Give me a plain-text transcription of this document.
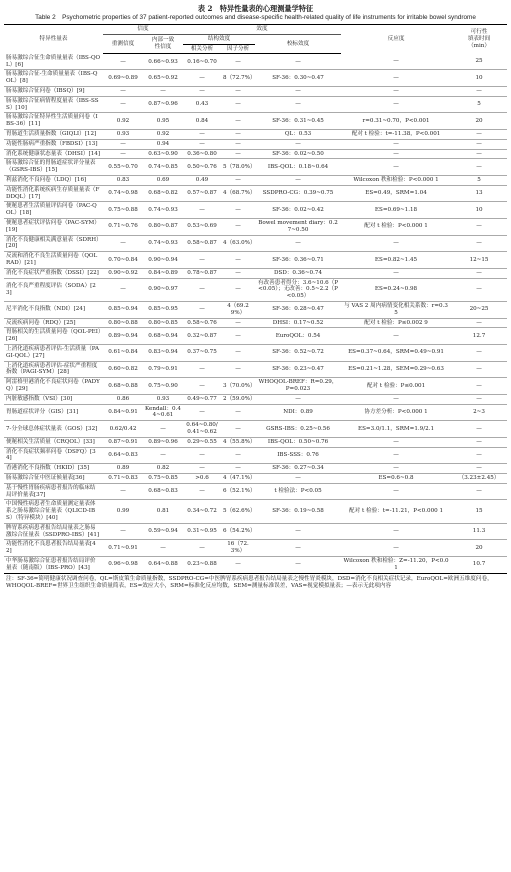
表 2　特异性量表的心理测量学特征
Table 2　Psychometric properties of 37 patient-reported outcomes and disease-specific health-related quality of life instruments for irritable bowel syndrome
特异性量表	信度		效度			反应度	可行性
填表时间
（min）
	重测信度	内部一致
性信度	结构效度		校标效度		
			相关分析	因子分析			
肠易激综合征生命质量量表（IBS-QOL）[6]	—	0.66~0.93	0.16~0.70	—	—	—	25
肠易激综合征-生命质量量表（IBS-QOL）[8]	0.69~0.89	0.65~0.92	—	8（72.7%）	SF-36：0.30~0.47	—	10
肠易激综合征问卷（IBSQ）[9]	—	—	—	—	—	—	—
肠易激综合征病情程度量表（IBS-SSS）[10]	—	0.87~0.96	0.43	—	—	—	5
肠易激综合征特异性生活质量问卷（IBS-36）[11]	0.92	0.95	0.84	—	SF-36：0.31~0.45	r=0.31~0.70，P<0.001	20
胃肠道生活质量指数（GIQLI）[12]	0.93	0.92	—	—	QL：0.53	配对 t 检验：t=-11.38，P<0.001	—
功能性肠病严重指数（FBDSI）[13]	—	0.94	—	—	—	—	—
消化系统健康状态量表（DHSI）[14]	—	0.63~0.90	0.36~0.80	—	SF-36：0.02~0.50	—	—
肠易激综合征的胃肠道症状评分量表（GSRS-IBS）[15]	0.55~0.70	0.74~0.85	0.50~0.76	5（78.0%）	IBS-QOL：0.18~0.64	—	—
利兹消化不良问卷（LDQ）[16]	0.83	0.69	0.49	—	—	Wilcoxon 秩和检验：P<0.000 1	5
功能性消化系统疾病生存质量量表（FDDQL）[17]	0.74~0.98	0.68~0.82	0.57~0.87	4（68.7%）	SSDPRO-CG：0.39~0.75	ES=0.49，SRM=1.04	13
便秘患者生活质量评估问卷（PAC-QOL）[18]	0.75~0.88	0.74~0.93	—	—	SF-36：0.02~0.42	ES=0.69~1.18	10
便秘患者症状评估问卷（PAC-SYM）[19]	0.71~0.76	0.80~0.87	0.53~0.69	—	Bowel movement diary：0.27~0.50	配对 t 检验：P<0.000 1	—
消化不良健康相关满意量表（SDRH）[20]	—	0.74~0.93	0.58~0.87	4（63.0%）	—	—	—
反流和消化不良生活质量问卷（QOLRAD）[21]	0.70~0.84	0.90~0.94	—	—	SF-36：0.36~0.71	ES=0.82~1.45	12~15
消化不良症状严重指数（DSSI）[22]	0.90~0.92	0.84~0.89	0.78~0.87	—	DSD：0.36~0.74	—	—
消化不良严重程度评估（SODA）[23]	—	0.90~0.97	—	—	有改善患者得分：3.6~10.6（P<0.05）；无改善：0.5~2.2（P<0.05）	ES=0.24~0.98	—
尼平消化不良指数（NDI）[24]	0.85~0.94	0.85~0.95	—	4（69.29%）	SF-36：0.28~0.47	与 VAS 2 周内病情变化相关系数：r=0.35	20~25
反流疾病问卷（RDQ）[25]	0.80~0.88	0.80~0.85	0.58~0.76	—	DHSI：0.17~0.52	配对 t 检验：P≤0.002 9	—
胃肠相关的生活质量问卷（QOL-PEI）[26]	0.89~0.94	0.68~0.94	0.32~0.87	—	EuroQOL：0.54	—	12.7
上消化道疾病患者评估-生活质量（PAGI-QOL）[27]	0.61~0.84	0.83~0.94	0.37~0.75	—	SF-36：0.52~0.72	ES=0.37~0.64，SRM=0.49~0.91	—
上消化道疾病患者评估-症状严重程度指数（PAGI-SYM）[28]	0.60~0.82	0.79~0.91	—	—	SF-36：0.23~0.47	ES=0.21~1.28，SEM=0.29~0.63	—
阿雷格里港消化不良症状问卷（PADYQ）[29]	0.68~0.88	0.75~0.90	—	3（70.0%）	WHOQOL-BREF：R=0.29，P=0.023	配对 t 检验：P≤0.001	—
内脏敏感指数（VSI）[30]	0.86	0.93	0.49~0.77	2（59.0%）	—	—	—
胃肠道症状评分（GIS）[31]	0.84~0.91	Kendall：0.44~0.61	—	—	NDI：0.89	协方差分析：P<0.000 1	2~3
7-分全球总体症状量表（GOS）[32]	0.62/0.42	—	0.64~0.80/0.41~0.62	—	GSRS-IBS：0.25~0.56	ES=3.0/1.1，SRM=1.9/2.1	—
便秘相关生活质量（CRQOL）[33]	0.87~0.91	0.89~0.96	0.29~0.55	4（55.8%）	IBS-QOL：0.50~0.76	—	—
消化不良症状频率问卷（DSFQ）[34]	0.64~0.83	—	—	—	IBS-SSS：0.76	—	—
香港消化不良指数（HKID）[35]	0.89	0.82	—	—	SF-36：0.27~0.34	—	—
肠易激综合征中医证候量表[36]	0.71~0.83	0.75~0.85	>0.6	4（47.1%）	—	ES=0.6~0.8	（3.23±2.45）
基于慢性胃肠疾病患者报告的临床结局评价量表[37]	—	0.68~0.83	—	6（52.1%）	t 检验法：P<0.05	—	—
中国慢性病患者生命质量测定量表体系之肠易激综合征量表（QLICD-IBS）（特异模块）[40]	0.99	0.81	0.34~0.72	5（62.6%）	SF-36：0.19~0.58	配对 t 检验：t=-11.21，P<0.000 1	15
脾胃系疾病患者报告结局量表之肠易激综合征量表（SSDPRO-IBS）[41]	—	0.59~0.94	0.31~0.95	6（54.2%）	—	—	11.3
功能性消化不良患者报告结局量表[42]	0.71~0.91	—	—	16（72.3%）	—	—	20
中华肠易激综合征患者报告结局评价量表（随南版）（IBS-PRO）[43]	0.96~0.98	0.64~0.88	0.23~0.88	—	—	Wilcoxon 秩和检验：Z=-11.20，P<0.01	10.7
注：SF-36=简明健康状况调查问卷，QL=斯皮策生命质量指数，SSDPRO-CG=中医脾胃系疾病患者报告结局量表之慢性胃炎模块，DSD=消化不良相关症状记录，EuroQOL=欧洲五维度问卷，WHOQOL-BREF=世界卫生组织生命质量简表，ES=效应大小，SRM=标准化反应均数，SEM=测量标准误差，VAS=视觉模拟量表；—表示无此项内容
